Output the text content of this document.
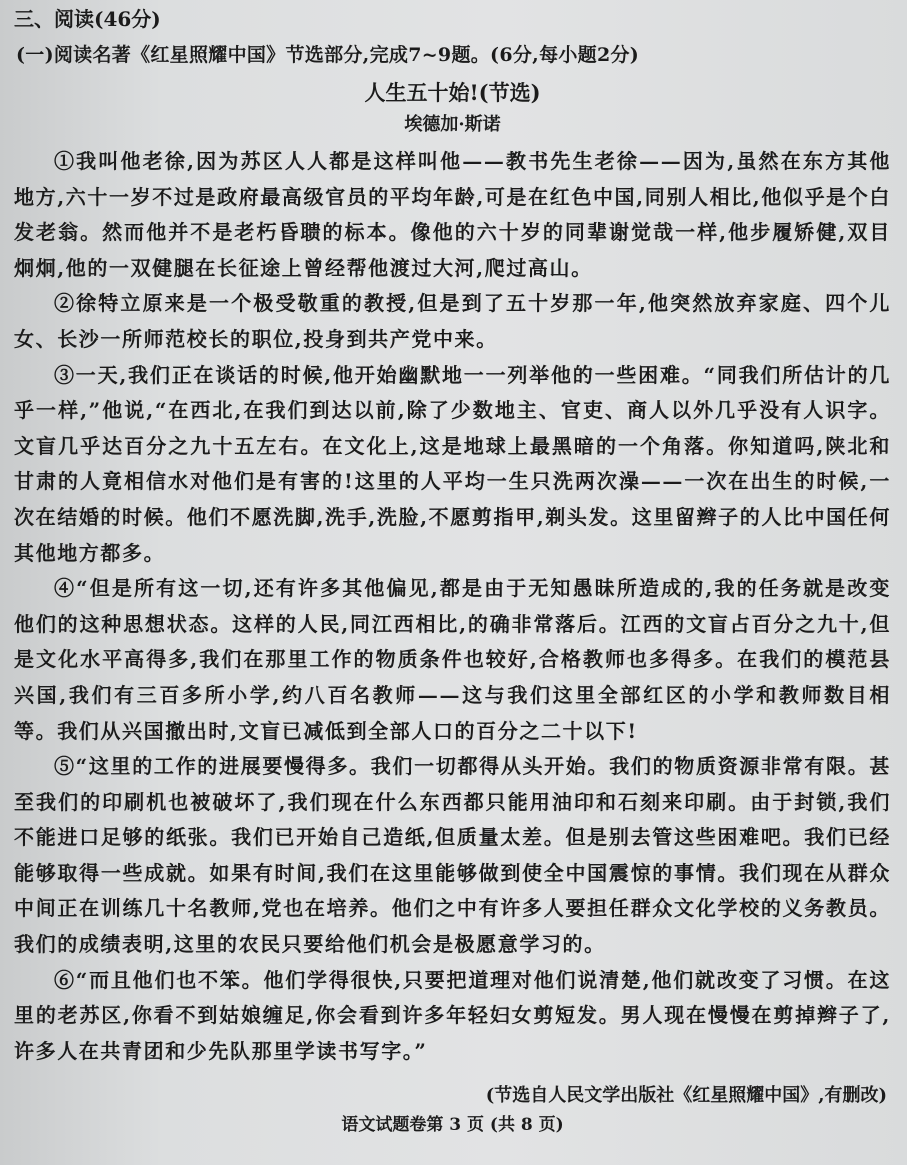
三、阅读(46分)
(一)阅读名著《红星照耀中国》节选部分,完成7~9题。(6分,每小题2分)
人生五十始!(节选)
埃德加·斯诺

①我叫他老徐,因为苏区人人都是这样叫他——教书先生老徐——因为,虽然在东方其他地方,六十一岁不过是政府最高级官员的平均年龄,可是在红色中国,同别人相比,他似乎是个白发老翁。然而他并不是老朽昏聩的标本。像他的六十岁的同辈谢觉哉一样,他步履矫健,双目炯炯,他的一双健腿在长征途上曾经帮他渡过大河,爬过高山。

②徐特立原来是一个极受敬重的教授,但是到了五十岁那一年,他突然放弃家庭、四个儿女、长沙一所师范校长的职位,投身到共产党中来。

③一天,我们正在谈话的时候,他开始幽默地一一列举他的一些困难。“同我们所估计的几乎一样,”他说,“在西北,在我们到达以前,除了少数地主、官吏、商人以外几乎没有人识字。文盲几乎达百分之九十五左右。在文化上,这是地球上最黑暗的一个角落。你知道吗,陕北和甘肃的人竟相信水对他们是有害的!这里的人平均一生只洗两次澡——一次在出生的时候,一次在结婚的时候。他们不愿洗脚,洗手,洗脸,不愿剪指甲,剃头发。这里留辫子的人比中国任何其他地方都多。

④“但是所有这一切,还有许多其他偏见,都是由于无知愚昧所造成的,我的任务就是改变他们的这种思想状态。这样的人民,同江西相比,的确非常落后。江西的文盲占百分之九十,但是文化水平高得多,我们在那里工作的物质条件也较好,合格教师也多得多。在我们的模范县兴国,我们有三百多所小学,约八百名教师——这与我们这里全部红区的小学和教师数目相等。我们从兴国撤出时,文盲已减低到全部人口的百分之二十以下!

⑤“这里的工作的进展要慢得多。我们一切都得从头开始。我们的物质资源非常有限。甚至我们的印刷机也被破坏了,我们现在什么东西都只能用油印和石刻来印刷。由于封锁,我们不能进口足够的纸张。我们已开始自己造纸,但质量太差。但是别去管这些困难吧。我们已经能够取得一些成就。如果有时间,我们在这里能够做到使全中国震惊的事情。我们现在从群众中间正在训练几十名教师,党也在培养。他们之中有许多人要担任群众文化学校的义务教员。我们的成绩表明,这里的农民只要给他们机会是极愿意学习的。

⑥“而且他们也不笨。他们学得很快,只要把道理对他们说清楚,他们就改变了习惯。在这里的老苏区,你看不到姑娘缠足,你会看到许多年轻妇女剪短发。男人现在慢慢在剪掉辫子了,许多人在共青团和少先队那里学读书写字。”

(节选自人民文学出版社《红星照耀中国》,有删改)
语文试题卷第 3 页 (共 8 页)
